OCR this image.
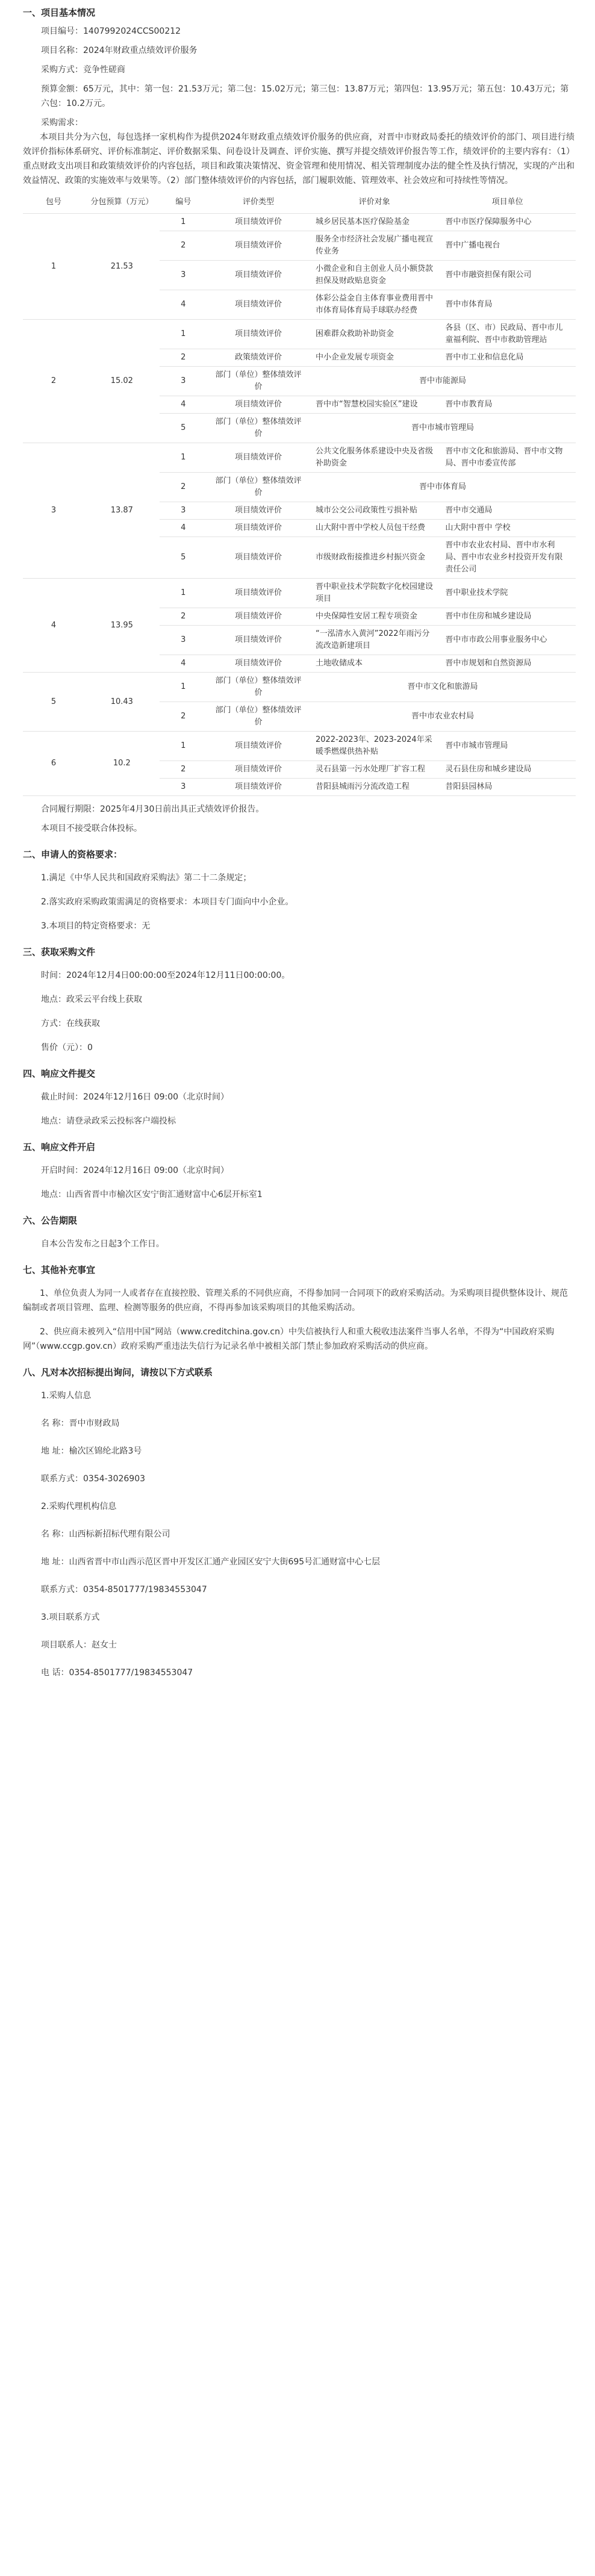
一、项目基本情况

项目编号：1407992024CCS00212

项目名称：2024年财政重点绩效评价服务

采购方式：竞争性磋商

预算金额：65万元，其中：第一包：21.53万元；第二包：15.02万元；第三包：13.87万元；第四包：13.95万元；第五包：10.43万元；第六包：10.2万元。

采购需求：

本项目共分为六包，每包选择一家机构作为提供2024年财政重点绩效评价服务的供应商，对晋中市财政局委托的绩效评价的部门、项目进行绩效评价指标体系研究、评价标准制定、评价数据采集、问卷设计及调查、评价实施、撰写并提交绩效评价报告等工作，绩效评价的主要内容有：（1）重点财政支出项目和政策绩效评价的内容包括，项目和政策决策情况、资金管理和使用情况、相关管理制度办法的健全性及执行情况，实现的产出和效益情况、政策的实施效率与效果等。（2）部门整体绩效评价的内容包括，部门履职效能、管理效率、社会效应和可持续性等情况。

包号	分包预算（万元）	编号	评价类型	评价对象	项目单位
1	21.53	1	项目绩效评价	城乡居民基本医疗保险基金	晋中市医疗保障服务中心
		2	项目绩效评价	服务全市经济社会发展广播电视宣传业务	晋中广播电视台
		3	项目绩效评价	小微企业和自主创业人员小额贷款担保及财政贴息资金	晋中市融资担保有限公司
		4	项目绩效评价	体彩公益金自主体育事业费用晋中市体育局体育局手球联办经费	晋中市体育局
2	15.02	1	项目绩效评价	困难群众救助补助资金	各县（区、市）民政局、晋中市儿童福利院、晋中市救助管理站
		2	政策绩效评价	中小企业发展专项资金	晋中市工业和信息化局
		3	部门（单位）整体绩效评价	晋中市能源局	
		4	项目绩效评价	晋中市“智慧校园实验区”建设	晋中市教育局
		5	部门（单位）整体绩效评价	晋中市城市管理局	
3	13.87	1	项目绩效评价	公共文化服务体系建设中央及省级补助资金	晋中市文化和旅游局、晋中市文物局、晋中市委宣传部
		2	部门（单位）整体绩效评价	晋中市体育局	
		3	项目绩效评价	城市公交公司政策性亏损补贴	晋中市交通局
		4	项目绩效评价	山大附中晋中学校人员包干经费	山大附中晋中 学校
		5	项目绩效评价	市级财政衔接推进乡村振兴资金	晋中市农业农村局、晋中市水利局、晋中市农业乡村投资开发有限责任公司
4	13.95	1	项目绩效评价	晋中职业技术学院数字化校园建设项目	晋中职业技术学院
		2	项目绩效评价	中央保障性安居工程专项资金	晋中市住房和城乡建设局
		3	项目绩效评价	“一泓清水入黄河”2022年雨污分流改造新建项目	晋中市市政公用事业服务中心
		4	项目绩效评价	土地收储成本	晋中市规划和自然资源局
5	10.43	1	部门（单位）整体绩效评价	晋中市文化和旅游局	
		2	部门（单位）整体绩效评价	晋中市农业农村局	
6	10.2	1	项目绩效评价	2022-2023年、2023-2024年采暖季燃煤供热补贴	晋中市城市管理局
		2	项目绩效评价	灵石县第一污水处理厂扩容工程	灵石县住房和城乡建设局
		3	项目绩效评价	昔阳县城雨污分流改造工程	昔阳县园林局

合同履行期限：2025年4月30日前出具正式绩效评价报告。

本项目不接受联合体投标。

二、申请人的资格要求：

1.满足《中华人民共和国政府采购法》第二十二条规定；

2.落实政府采购政策需满足的资格要求：本项目专门面向中小企业。

3.本项目的特定资格要求：无

三、获取采购文件

时间：2024年12月4日00:00:00至2024年12月11日00:00:00。

地点：政采云平台线上获取

方式：在线获取

售价（元）：0

四、响应文件提交

截止时间：2024年12月16日 09:00（北京时间）

地点：请登录政采云投标客户端投标

五、响应文件开启

开启时间：2024年12月16日 09:00（北京时间）

地点：山西省晋中市榆次区安宁街汇通财富中心6层开标室1

六、公告期限

自本公告发布之日起3个工作日。

七、其他补充事宜

1、单位负责人为同一人或者存在直接控股、管理关系的不同供应商，不得参加同一合同项下的政府采购活动。为采购项目提供整体设计、规范编制或者项目管理、监理、检测等服务的供应商，不得再参加该采购项目的其他采购活动。

2、供应商未被列入“信用中国”网站（www.creditchina.gov.cn）中失信被执行人和重大税收违法案件当事人名单，不得为“中国政府采购网”（www.ccgp.gov.cn）政府采购严重违法失信行为记录名单中被相关部门禁止参加政府采购活动的供应商。

八、凡对本次招标提出询问，请按以下方式联系

1.采购人信息

名 称：晋中市财政局

地 址：榆次区锦纶北路3号

联系方式：0354-3026903

2.采购代理机构信息

名 称：山西标新招标代理有限公司

地 址：山西省晋中市山西示范区晋中开发区汇通产业园区安宁大街695号汇通财富中心七层

联系方式：0354-8501777/19834553047

3.项目联系方式

项目联系人：赵女士

电 话：0354-8501777/19834553047
